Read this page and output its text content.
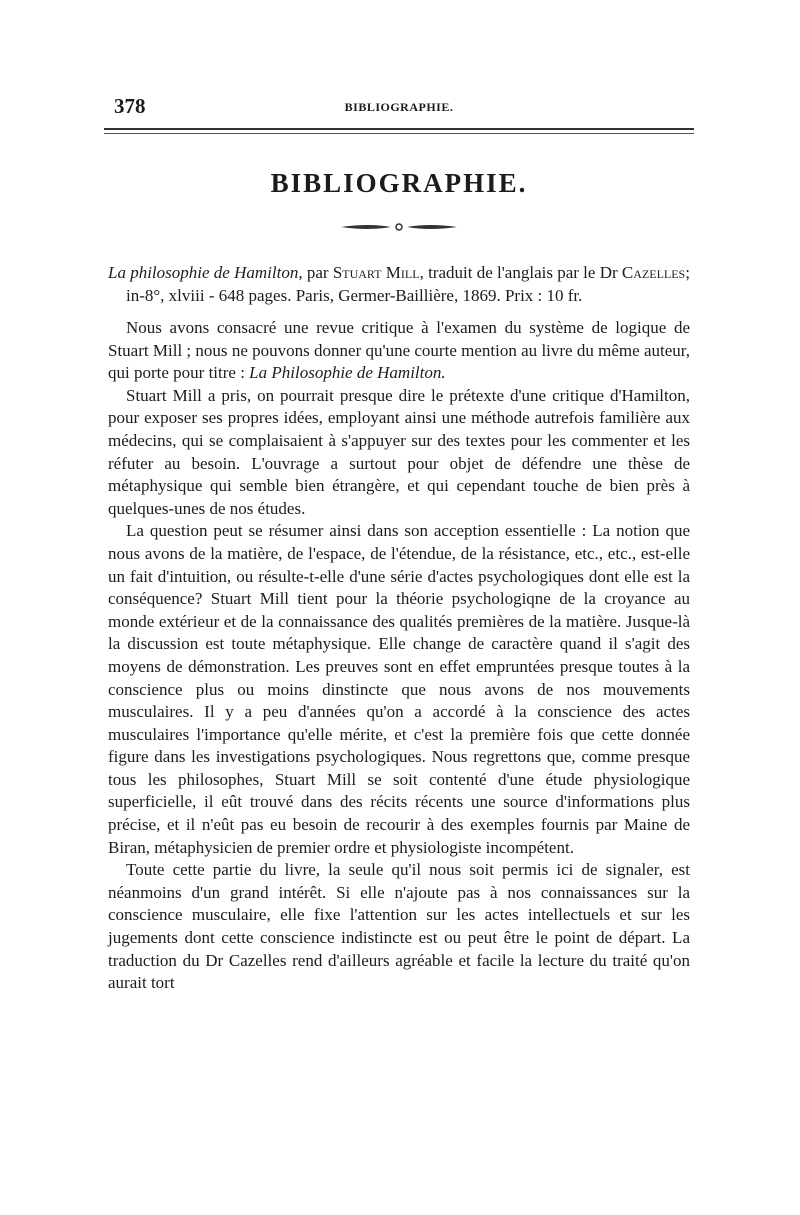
378	BIBLIOGRAPHIE.
BIBLIOGRAPHIE.

La philosophie de Hamilton, par Stuart Mill, traduit de l'anglais par le Dr Cazelles; in-8°, xlviii - 648 pages. Paris, Germer-Baillière, 1869. Prix : 10 fr.

Nous avons consacré une revue critique à l'examen du système de logique de Stuart Mill ; nous ne pouvons donner qu'une courte mention au livre du même auteur, qui porte pour titre : La Philosophie de Hamilton.

Stuart Mill a pris, on pourrait presque dire le prétexte d'une critique d'Hamilton, pour exposer ses propres idées, employant ainsi une méthode autrefois familière aux médecins, qui se complaisaient à s'appuyer sur des textes pour les commenter et les réfuter au besoin. L'ouvrage a surtout pour objet de défendre une thèse de métaphysique qui semble bien étrangère, et qui cependant touche de bien près à quelques-unes de nos études.

La question peut se résumer ainsi dans son acception essentielle : La notion que nous avons de la matière, de l'espace, de l'étendue, de la résistance, etc., etc., est-elle un fait d'intuition, ou résulte-t-elle d'une série d'actes psychologiques dont elle est la conséquence? Stuart Mill tient pour la théorie psychologiqne de la croyance au monde extérieur et de la connaissance des qualités premières de la matière. Jusque-là la discussion est toute métaphysique. Elle change de caractère quand il s'agit des moyens de démonstration. Les preuves sont en effet empruntées presque toutes à la conscience plus ou moins dinstincte que nous avons de nos mouvements musculaires. Il y a peu d'années qu'on a accordé à la conscience des actes musculaires l'importance qu'elle mérite, et c'est la première fois que cette donnée figure dans les investigations psychologiques. Nous regrettons que, comme presque tous les philosophes, Stuart Mill se soit contenté d'une étude physiologique superficielle, il eût trouvé dans des récits récents une source d'informations plus précise, et il n'eût pas eu besoin de recourir à des exemples fournis par Maine de Biran, métaphysicien de premier ordre et physiologiste incompétent.

Toute cette partie du livre, la seule qu'il nous soit permis ici de signaler, est néanmoins d'un grand intérêt. Si elle n'ajoute pas à nos connaissances sur la conscience musculaire, elle fixe l'attention sur les actes intellectuels et sur les jugements dont cette conscience indistincte est ou peut être le point de départ. La traduction du Dr Cazelles rend d'ailleurs agréable et facile la lecture du traité qu'on aurait tort
